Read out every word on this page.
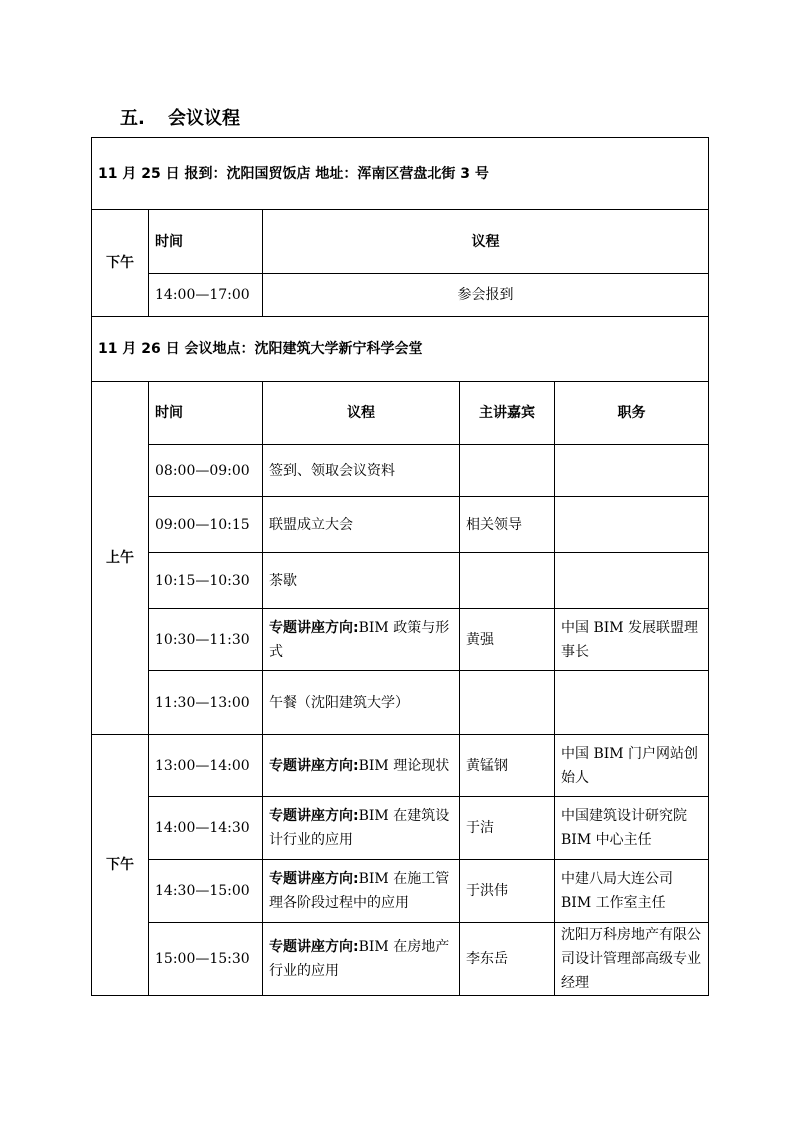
五. 会议议程
11 月 25 日 报到：沈阳国贸饭店 地址：浑南区营盘北街 3 号				
下午	时间	议程		
	14:00—17:00	参会报到		
11 月 26 日 会议地点：沈阳建筑大学新宁科学会堂				
上午	时间	议程	主讲嘉宾	职务
	08:00—09:00	签到、领取会议资料		
	09:00—10:15	联盟成立大会	相关领导	
	10:15—10:30	茶歇		
	10:30—11:30	专题讲座方向:BIM 政策与形式	黄强	中国 BIM 发展联盟理事长
	11:30—13:00	午餐（沈阳建筑大学）		
下午	13:00—14:00	专题讲座方向:BIM 理论现状	黄锰钢	中国 BIM 门户网站创始人
	14:00—14:30	专题讲座方向:BIM 在建筑设计行业的应用	于洁	中国建筑设计研究院 BIM 中心主任
	14:30—15:00	专题讲座方向:BIM 在施工管理各阶段过程中的应用	于洪伟	中建八局大连公司 BIM 工作室主任
	15:00—15:30	专题讲座方向:BIM 在房地产行业的应用	李东岳	沈阳万科房地产有限公司设计管理部高级专业经理
